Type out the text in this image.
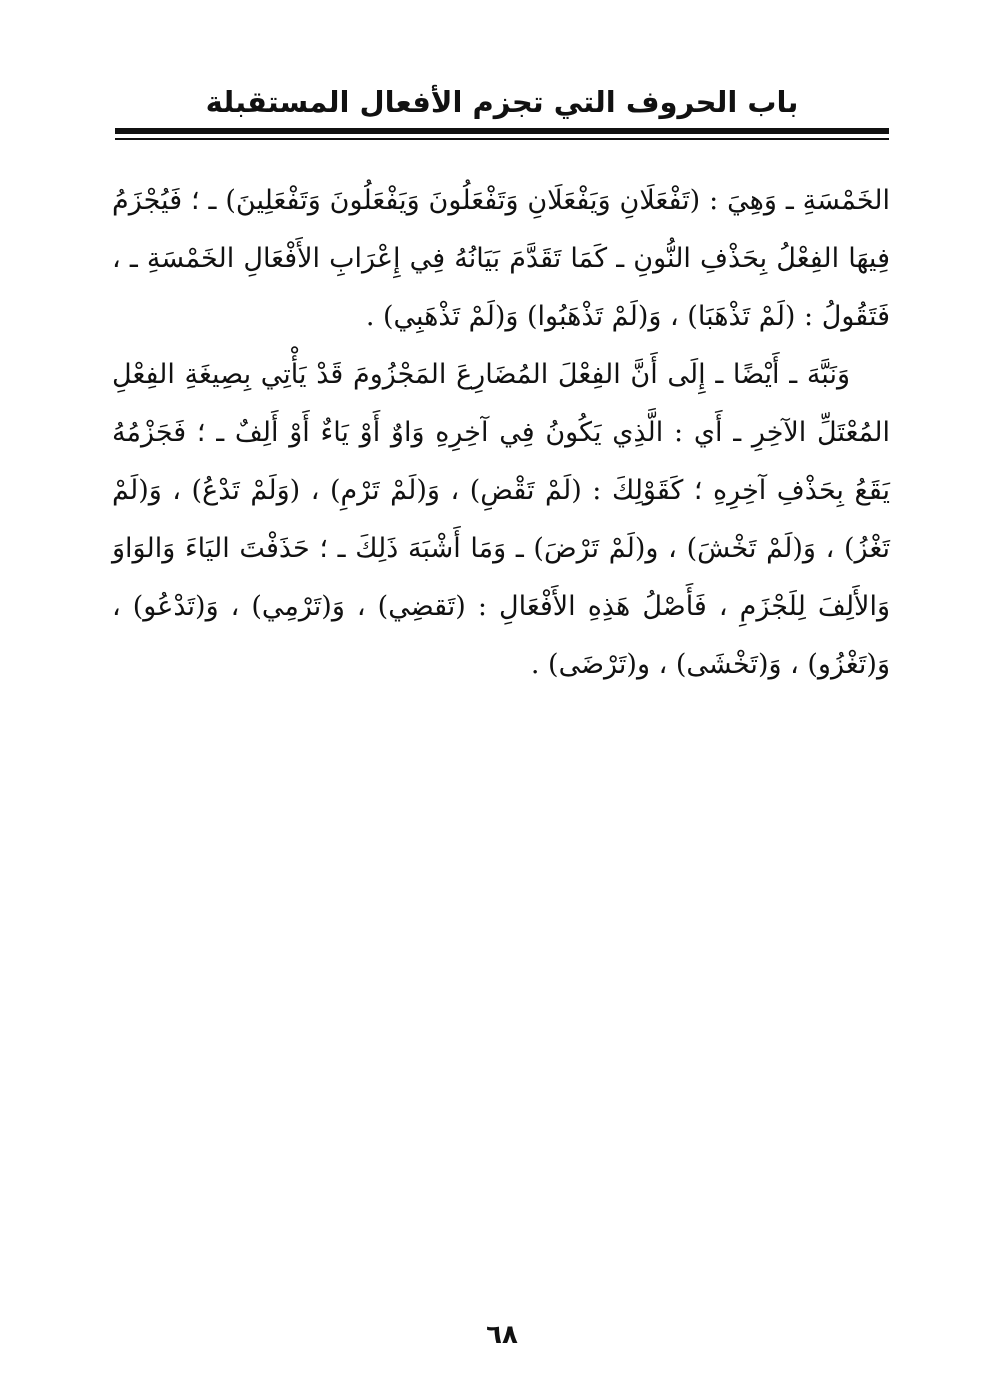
باب الحروف التي تجزم الأفعال المستقبلة

الخَمْسَةِ ـ وَهِيَ : (تَفْعَلَانِ وَيَفْعَلَانِ وَتَفْعَلُونَ وَيَفْعَلُونَ وَتَفْعَلِينَ) ـ ؛ فَيُجْزَمُ فِيهَا الفِعْلُ بِحَذْفِ النُّونِ ـ كَمَا تَقَدَّمَ بَيَانُهُ فِي إِعْرَابِ الأَفْعَالِ الخَمْسَةِ ـ ، فَتَقُولُ : (لَمْ تَذْهَبَا) ، وَ(لَمْ تَذْهَبُوا) وَ(لَمْ تَذْهَبِي) .

وَنَبَّهَ ـ أَيْضًا ـ إِلَى أَنَّ الفِعْلَ المُضَارِعَ المَجْزُومَ قَدْ يَأْتِي بِصِيغَةِ الفِعْلِ المُعْتَلِّ الآخِرِ ـ أَي : الَّذِي يَكُونُ فِي آخِرِهِ وَاوٌ أَوْ يَاءٌ أَوْ أَلِفٌ ـ ؛ فَجَزْمُهُ يَقَعُ بِحَذْفِ آخِرِهِ ؛ كَقَوْلِكَ : (لَمْ تَقْضِ) ، وَ(لَمْ تَرْمِ) ، (وَلَمْ تَدْعُ) ، وَ(لَمْ تَغْزُ) ، وَ(لَمْ تَخْشَ) ، و(لَمْ تَرْضَ) ـ وَمَا أَشْبَهَ ذَلِكَ ـ ؛ حَذَفْتَ اليَاءَ وَالوَاوَ وَالأَلِفَ لِلَجْزَمِ ، فَأَصْلُ هَذِهِ الأَفْعَالِ : (تَقضِي) ، وَ(تَرْمِي) ، وَ(تَدْعُو) ، وَ(تَغْزُو) ، وَ(تَخْشَى) ، و(تَرْضَى) .

٦٨
